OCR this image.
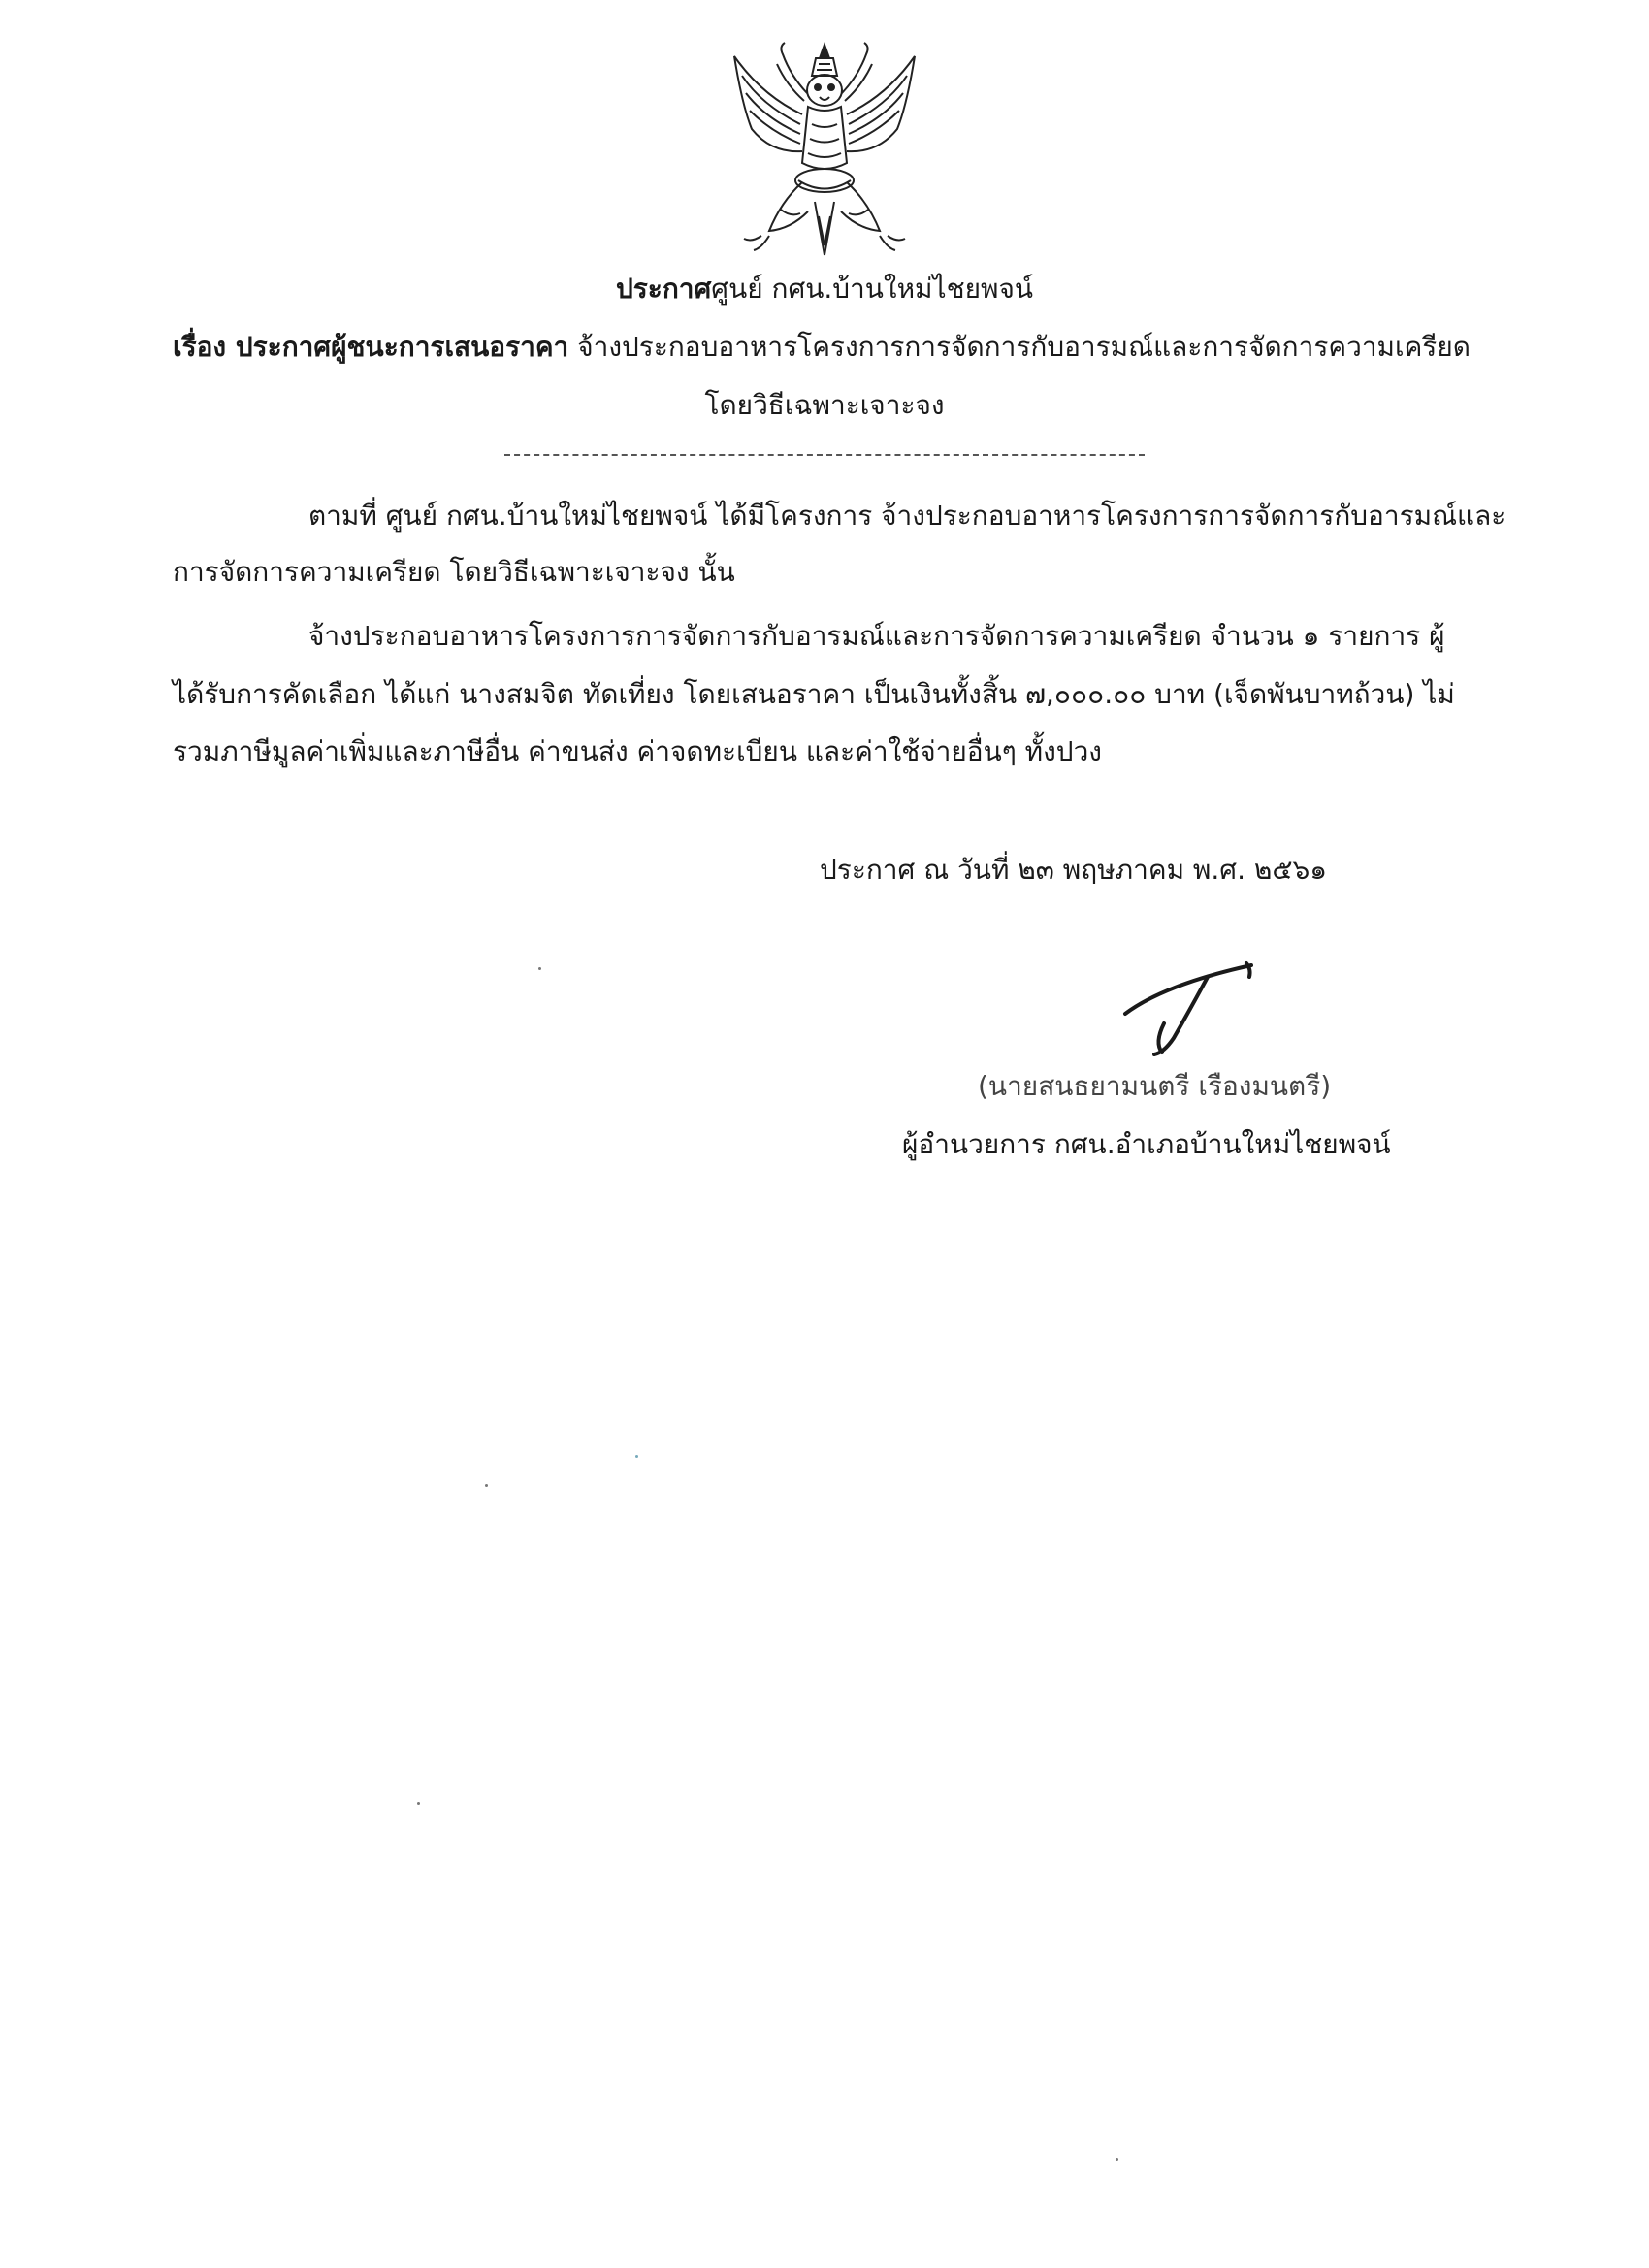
ประกาศศูนย์ กศน.บ้านใหม่ไชยพจน์
เรื่อง ประกาศผู้ชนะการเสนอราคา จ้างประกอบอาหารโครงการการจัดการกับอารมณ์และการจัดการความเครียด
โดยวิธีเฉพาะเจาะจง
ตามที่ ศูนย์ กศน.บ้านใหม่ไชยพจน์ ได้มีโครงการ จ้างประกอบอาหารโครงการการจัดการกับอารมณ์และ
การจัดการความเครียด โดยวิธีเฉพาะเจาะจง นั้น
จ้างประกอบอาหารโครงการการจัดการกับอารมณ์และการจัดการความเครียด จำนวน ๑ รายการ ผู้
ได้รับการคัดเลือก ได้แก่ นางสมจิต ทัดเที่ยง โดยเสนอราคา เป็นเงินทั้งสิ้น ๗,๐๐๐.๐๐ บาท (เจ็ดพันบาทถ้วน) ไม่
รวมภาษีมูลค่าเพิ่มและภาษีอื่น ค่าขนส่ง ค่าจดทะเบียน และค่าใช้จ่ายอื่นๆ ทั้งปวง
ประกาศ ณ วันที่ ๒๓ พฤษภาคม พ.ศ. ๒๕๖๑
(นายสนธยามนตรี เรืองมนตรี)
ผู้อำนวยการ กศน.อำเภอบ้านใหม่ไชยพจน์
